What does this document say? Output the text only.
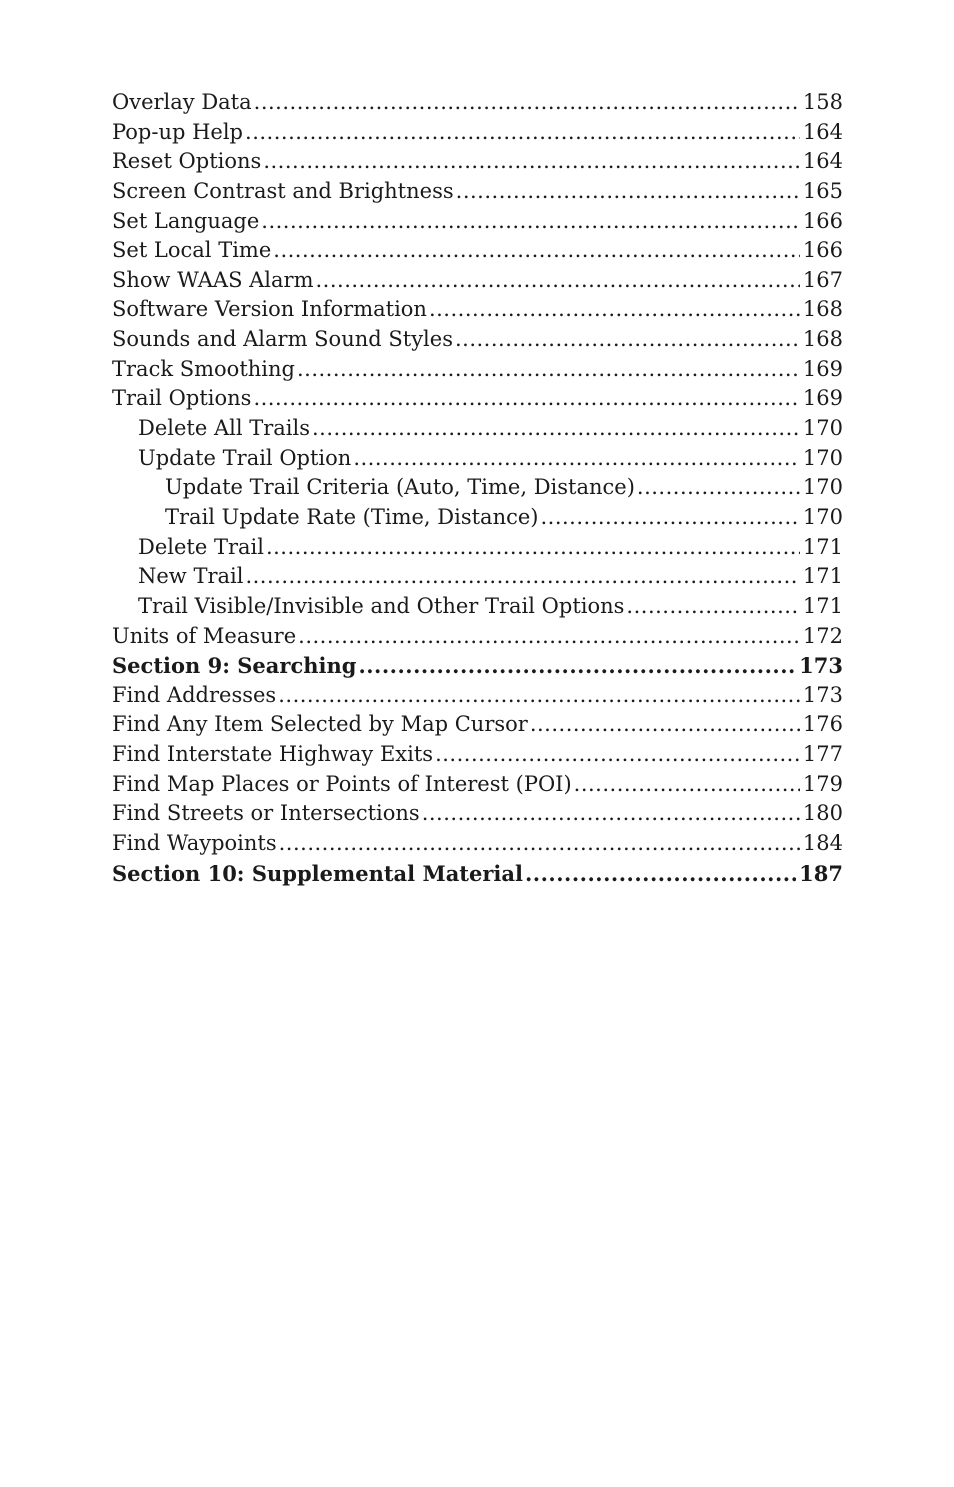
Overlay Data .....	158
Pop-up Help .....	164
Reset Options .....	164
Screen Contrast and Brightness .....	165
Set Language .....	166
Set Local Time .....	166
Show WAAS Alarm .....	167
Software Version Information .....	168
Sounds and Alarm Sound Styles .....	168
Track Smoothing .....	169
Trail Options .....	169
Delete All Trails .....	170
Update Trail Option .....	170
Update Trail Criteria (Auto, Time, Distance) .....	170
Trail Update Rate (Time, Distance) .....	170
Delete Trail .....	171
New Trail .....	171
Trail Visible/Invisible and Other Trail Options .....	171
Units of Measure .....	172
Section 9: Searching .....	173
Find Addresses .....	173
Find Any Item Selected by Map Cursor .....	176
Find Interstate Highway Exits .....	177
Find Map Places or Points of Interest (POI) .....	179
Find Streets or Intersections .....	180
Find Waypoints .....	184
Section 10: Supplemental Material .....	187
